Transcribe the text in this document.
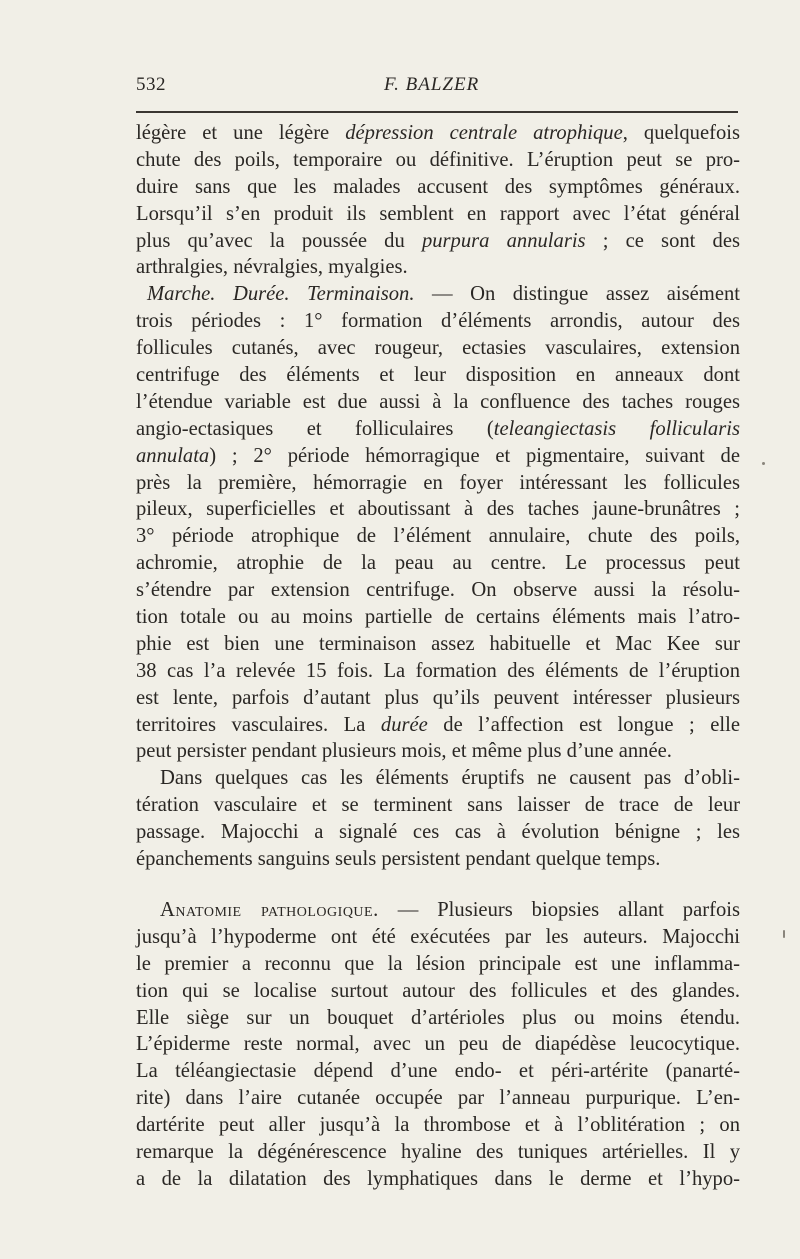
532	F. BALZER
légère et une légère dépression centrale atrophique, quelquefois
chute des poils, temporaire ou définitive. L’éruption peut se pro-
duire sans que les malades accusent des symptômes généraux.
Lorsqu’il s’en produit ils semblent en rapport avec l’état général
plus qu’avec la poussée du purpura annularis ; ce sont des
arthralgies, névralgies, myalgies.
Marche. Durée. Terminaison. — On distingue assez aisément
trois périodes : 1° formation d’éléments arrondis, autour des
follicules cutanés, avec rougeur, ectasies vasculaires, extension
centrifuge des éléments et leur disposition en anneaux dont
l’étendue variable est due aussi à la confluence des taches rouges
angio-ectasiques et folliculaires (teleangiectasis follicularis
annulata) ; 2° période hémorragique et pigmentaire, suivant de
près la première, hémorragie en foyer intéressant les follicules
pileux, superficielles et aboutissant à des taches jaune-brunâtres ;
3° période atrophique de l’élément annulaire, chute des poils,
achromie, atrophie de la peau au centre. Le processus peut
s’étendre par extension centrifuge. On observe aussi la résolu-
tion totale ou au moins partielle de certains éléments mais l’atro-
phie est bien une terminaison assez habituelle et Mac Kee sur
38 cas l’a relevée 15 fois. La formation des éléments de l’éruption
est lente, parfois d’autant plus qu’ils peuvent intéresser plusieurs
territoires vasculaires. La durée de l’affection est longue ; elle
peut persister pendant plusieurs mois, et même plus d’une année.
Dans quelques cas les éléments éruptifs ne causent pas d’obli-
tération vasculaire et se terminent sans laisser de trace de leur
passage. Majocchi a signalé ces cas à évolution bénigne ; les
épanchements sanguins seuls persistent pendant quelque temps.
Anatomie pathologique. — Plusieurs biopsies allant parfois
jusqu’à l’hypoderme ont été exécutées par les auteurs. Majocchi
le premier a reconnu que la lésion principale est une inflamma-
tion qui se localise surtout autour des follicules et des glandes.
Elle siège sur un bouquet d’artérioles plus ou moins étendu.
L’épiderme reste normal, avec un peu de diapédèse leucocytique.
La téléangiectasie dépend d’une endo- et péri-artérite (panarté-
rite) dans l’aire cutanée occupée par l’anneau purpurique. L’en-
dartérite peut aller jusqu’à la thrombose et à l’oblitération ; on
remarque la dégénérescence hyaline des tuniques artérielles. Il y
a de la dilatation des lymphatiques dans le derme et l’hypo-
